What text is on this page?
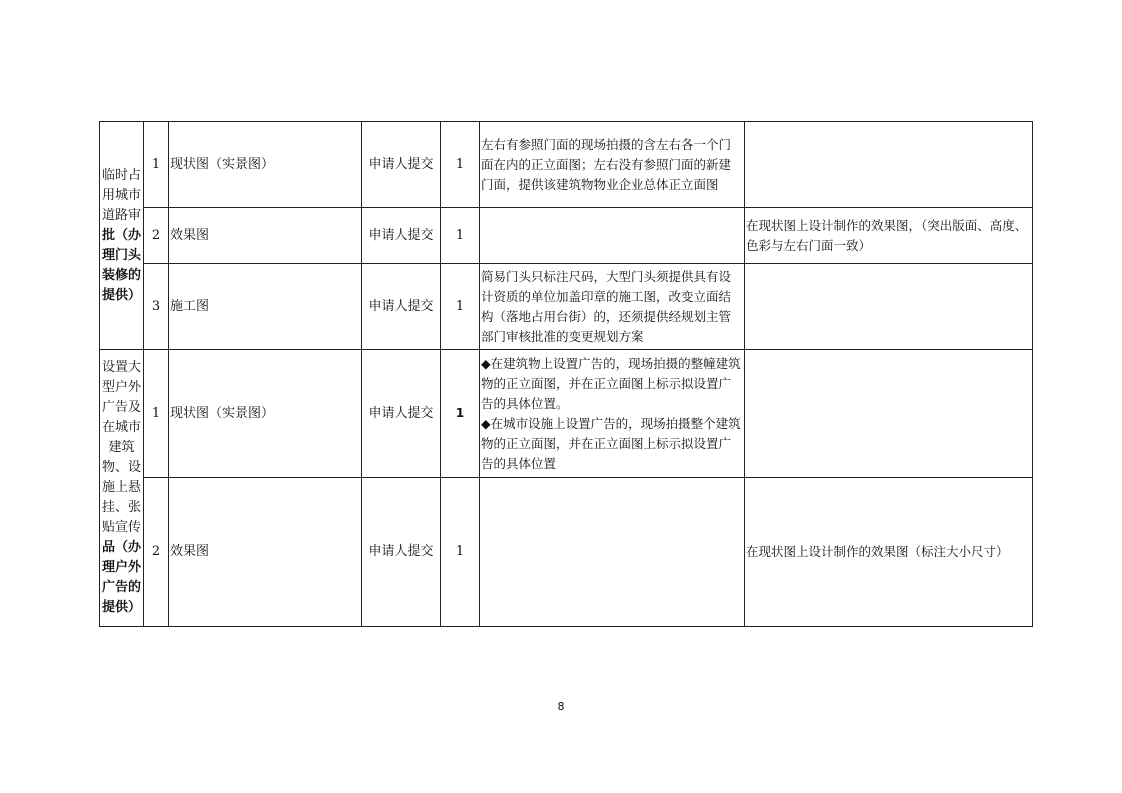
临时占用城市道路审批（办理门头装修的提供）	1	现状图（实景图）	申请人提交	1	左右有参照门面的现场拍摄的含左右各一个门面在内的正立面图；左右没有参照门面的新建门面，提供该建筑物物业企业总体正立面图	
	2	效果图	申请人提交	1		在现状图上设计制作的效果图，（突出版面、高度、色彩与左右门面一致）
	3	施工图	申请人提交	1	简易门头只标注尺码，大型门头须提供具有设计资质的单位加盖印章的施工图，改变立面结构（落地占用台街）的，还须提供经规划主管部门审核批准的变更规划方案	
设置大型户外广告及在城市建筑物、设施上悬挂、张贴宣传品（办理户外广告的提供）	1	现状图（实景图）	申请人提交	1	◆在建筑物上设置广告的，现场拍摄的整幢建筑物的正立面图，并在正立面图上标示拟设置广告的具体位置。
◆在城市设施上设置广告的，现场拍摄整个建筑物的正立面图，并在正立面图上标示拟设置广告的具体位置	

	2	效果图	申请人提交	1		在现状图上设计制作的效果图（标注大小尺寸）
8
